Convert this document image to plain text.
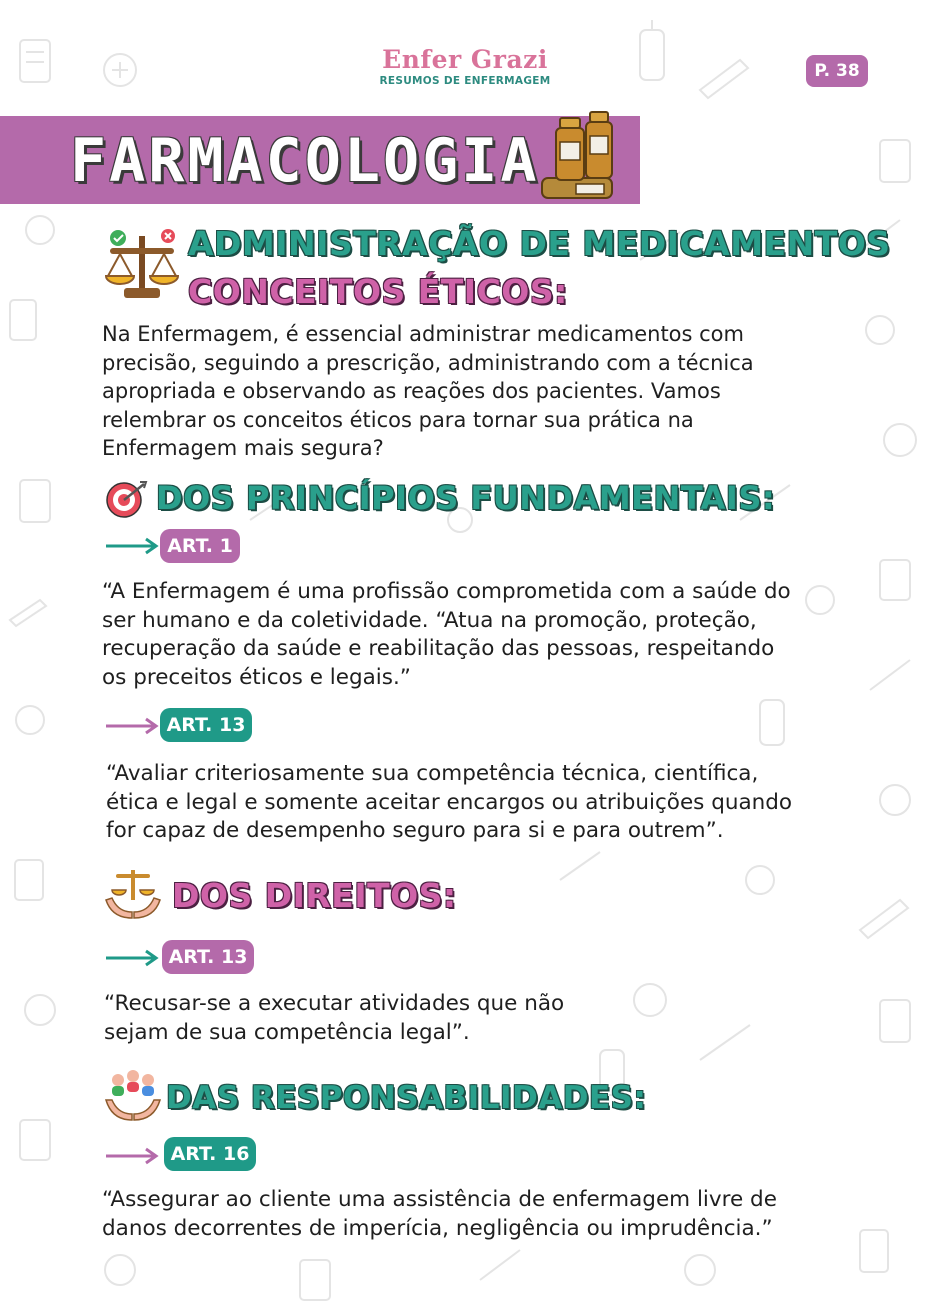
Enfer Grazi
RESUMOS DE ENFERMAGEM	P. 38
FARMACOLOGIA
ADMINISTRAÇÃO DE MEDICAMENTOS
CONCEITOS ÉTICOS:
Na Enfermagem, é essencial administrar medicamentos com
precisão, seguindo a prescrição, administrando com a técnica
apropriada e observando as reações dos pacientes. Vamos
relembrar os conceitos éticos para tornar sua prática na
Enfermagem mais segura?
DOS PRINCÍPIOS FUNDAMENTAIS:
ART. 1
“A Enfermagem é uma profissão comprometida com a saúde do
ser humano e da coletividade. “Atua na promoção, proteção,
recuperação da saúde e reabilitação das pessoas, respeitando
os preceitos éticos e legais.”
ART. 13
“Avaliar criteriosamente sua competência técnica, científica,
ética e legal e somente aceitar encargos ou atribuições quando
for capaz de desempenho seguro para si e para outrem”.
DOS DIREITOS:
ART. 13
“Recusar-se a executar atividades que não
sejam de sua competência legal”.
DAS RESPONSABILIDADES:
ART. 16
“Assegurar ao cliente uma assistência de enfermagem livre de
danos decorrentes de imperícia, negligência ou imprudência.”
